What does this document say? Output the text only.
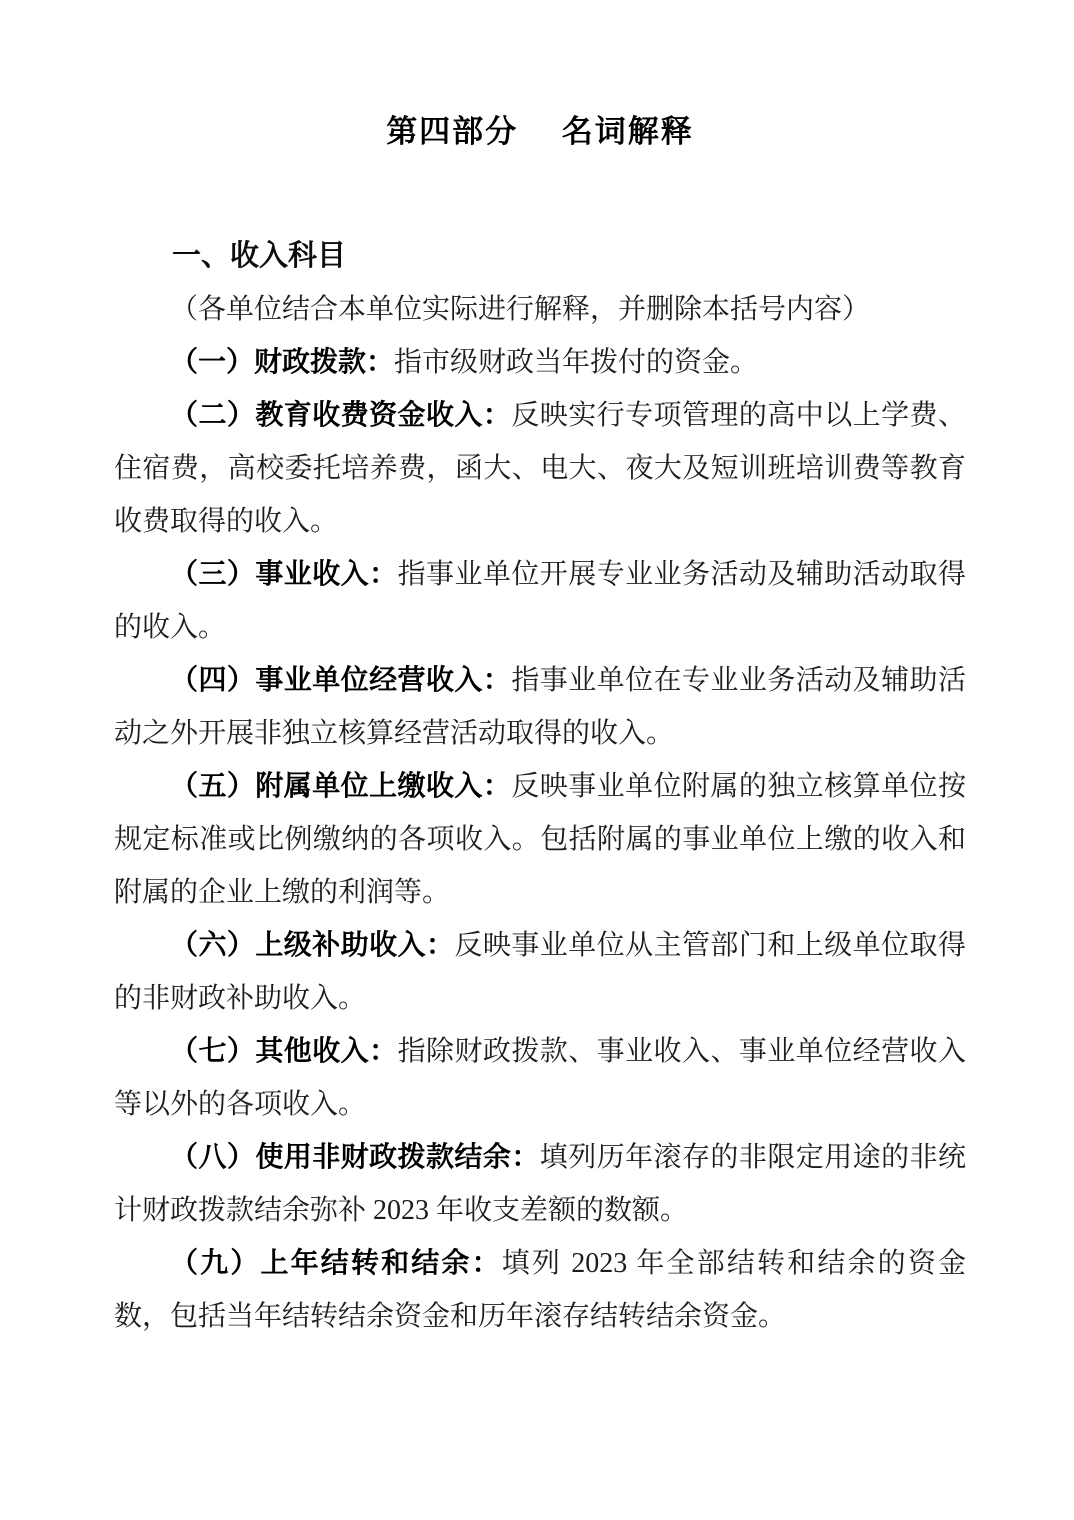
第四部分　 名词解释
一、收入科目

（各单位结合本单位实际进行解释，并删除本括号内容）

（一）财政拨款：指市级财政当年拨付的资金。

（二）教育收费资金收入：反映实行专项管理的高中以上学费、住宿费，高校委托培养费，函大、电大、夜大及短训班培训费等教育收费取得的收入。

（三）事业收入：指事业单位开展专业业务活动及辅助活动取得的收入。

（四）事业单位经营收入：指事业单位在专业业务活动及辅助活动之外开展非独立核算经营活动取得的收入。

（五）附属单位上缴收入：反映事业单位附属的独立核算单位按规定标准或比例缴纳的各项收入。包括附属的事业单位上缴的收入和附属的企业上缴的利润等。

（六）上级补助收入：反映事业单位从主管部门和上级单位取得的非财政补助收入。

（七）其他收入：指除财政拨款、事业收入、事业单位经营收入等以外的各项收入。

（八）使用非财政拨款结余：填列历年滚存的非限定用途的非统计财政拨款结余弥补 2023 年收支差额的数额。

（九）上年结转和结余：填列 2023 年全部结转和结余的资金数，包括当年结转结余资金和历年滚存结转结余资金。
